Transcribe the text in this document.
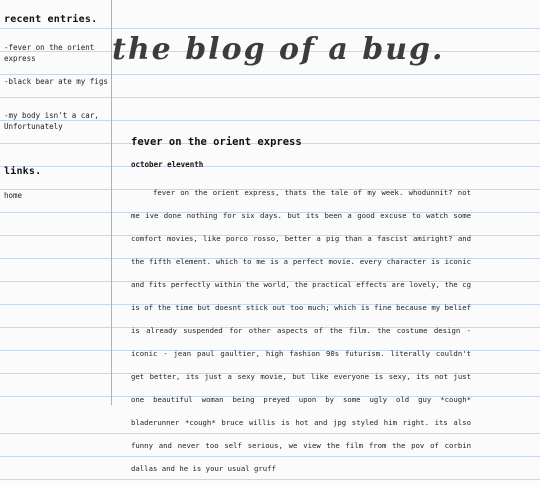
recent entries.
-fever on the orient express
-black bear ate my figs
-my body isn't a car, Unfortunately
links.
home
the blog of a bug.
fever on the orient express

october eleventh

fever on the orient express, thats the tale of my week. whodunnit? not me ive done nothing for six days. but its been a good excuse to watch some comfort movies, like porco rosso, better a pig than a fascist amiright? and the fifth element. which to me is a perfect movie. every character is iconic and fits perfectly within the world, the practical effects are lovely, the cg is of the time but doesnt stick out too much; which is fine because my belief is already suspended for other aspects of the film. the costume design - iconic - jean paul gaultier, high fashion 90s futurism. literally couldn't get better, its just a sexy movie, but like everyone is sexy, its not just one beautiful woman being preyed upon by some ugly old guy *cough* bladerunner *cough* bruce willis is hot and jpg styled him right. its also funny and never too self serious, we view the film from the pov of corbin dallas and he is your usual gruff
